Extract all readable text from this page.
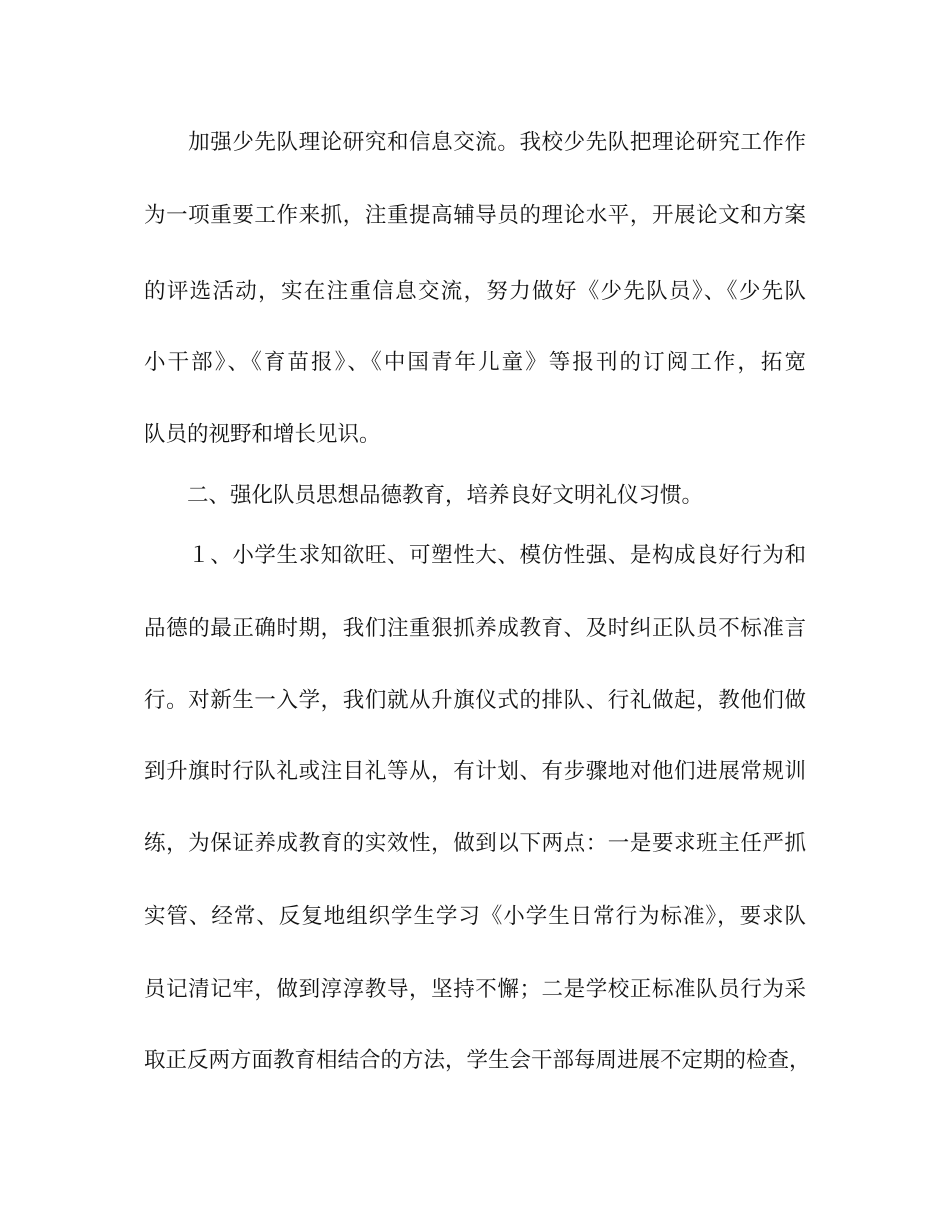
　　加强少先队理论研究和信息交流。我校少先队把理论研究工作作
为一项重要工作来抓，注重提高辅导员的理论水平，开展论文和方案
的评选活动，实在注重信息交流，努力做好《少先队员》、《少先队
小干部》、《育苗报》、《中国青年儿童》等报刊的订阅工作，拓宽
队员的视野和增长见识。
　　二、强化队员思想品德教育，培养良好文明礼仪习惯。
　　１、小学生求知欲旺、可塑性大、模仿性强、是构成良好行为和
品德的最正确时期，我们注重狠抓养成教育、及时纠正队员不标准言
行。对新生一入学，我们就从升旗仪式的排队、行礼做起，教他们做
到升旗时行队礼或注目礼等从，有计划、有步骤地对他们进展常规训
练，为保证养成教育的实效性，做到以下两点：一是要求班主任严抓
实管、经常、反复地组织学生学习《小学生日常行为标准》，要求队
员记清记牢，做到淳淳教导，坚持不懈；二是学校正标准队员行为采
取正反两方面教育相结合的方法，学生会干部每周进展不定期的检查，
